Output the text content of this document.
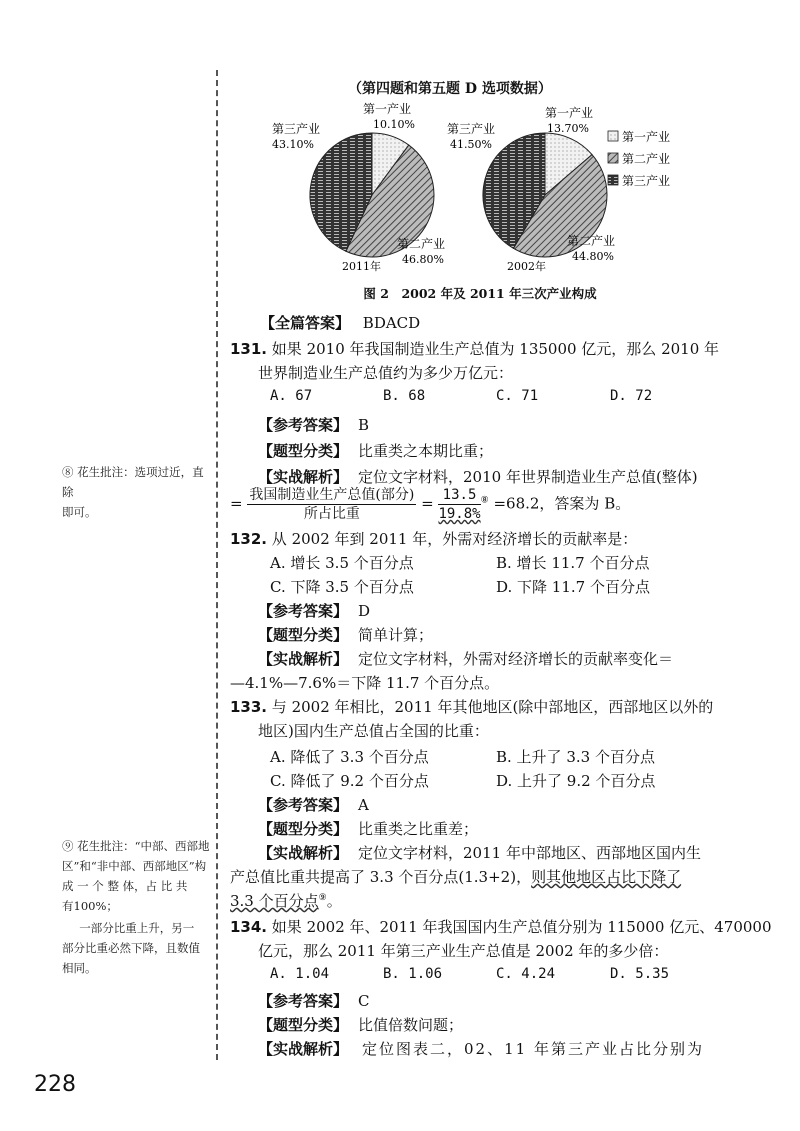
（第四题和第五题 D 选项数据）
第一产业
10.10%
第三产业
43.10%
第二产业
46.80%
2011年
第一产业
13.70%
第三产业
41.50%
第二产业
44.80%
2002年
第一产业
第二产业
第三产业
图 2　2002 年及 2011 年三次产业构成

⑧ 花生批注：选项过近，直除

即可。

⑨ 花生批注：“中部、西部地

区”和“非中部、西部地区”构

成 一 个 整 体，占 比 共

有100%；

一部分比重上升，另一

部分比重必然下降，且数值

相同。

【全篇答案】 BDACD
131. 如果 2010 年我国制造业生产总值为 135000 亿元，那么 2010 年
世界制造业生产总值约为多少万亿元：
A. 67	B. 68	C. 71	D. 72
【参考答案】 B
【题型分类】 比重类之本期比重；
【实战解析】 定位文字材料，2010 年世界制造业生产总值(整体)
= $\frac{\text{我国制造业生产总值(部分)}}{\text{所占比重}} = \frac{13.5}{19.8\%} ^⑧ =68.2$，答案为 B。
132. 从 2002 年到 2011 年，外需对经济增长的贡献率是：
A. 增长 3.5 个百分点	B. 增长 11.7 个百分点
C. 下降 3.5 个百分点	D. 下降 11.7 个百分点
【参考答案】 D
【题型分类】 简单计算；
【实战解析】 定位文字材料，外需对经济增长的贡献率变化＝
—4.1%—7.6%＝下降 11.7 个百分点。
133. 与 2002 年相比，2011 年其他地区(除中部地区，西部地区以外的
地区)国内生产总值占全国的比重：
A. 降低了 3.3 个百分点	B. 上升了 3.3 个百分点
C. 降低了 9.2 个百分点	D. 上升了 9.2 个百分点
【参考答案】 A
【题型分类】 比重类之比重差；
【实战解析】 定位文字材料，2011 年中部地区、西部地区国内生
产总值比重共提高了 3.3 个百分点(1.3+2)，则其他地区占比下降了
3.3 个百分点⑨。
134. 如果 2002 年、2011 年我国国内生产总值分别为 115000 亿元、470000
亿元，那么 2011 年第三产业生产总值是 2002 年的多少倍：
A. 1.04	B. 1.06	C. 4.24	D. 5.35
【参考答案】 C
【题型分类】 比值倍数问题；
【实战解析】 定位图表二，02、11 年第三产业占比分别为
228
